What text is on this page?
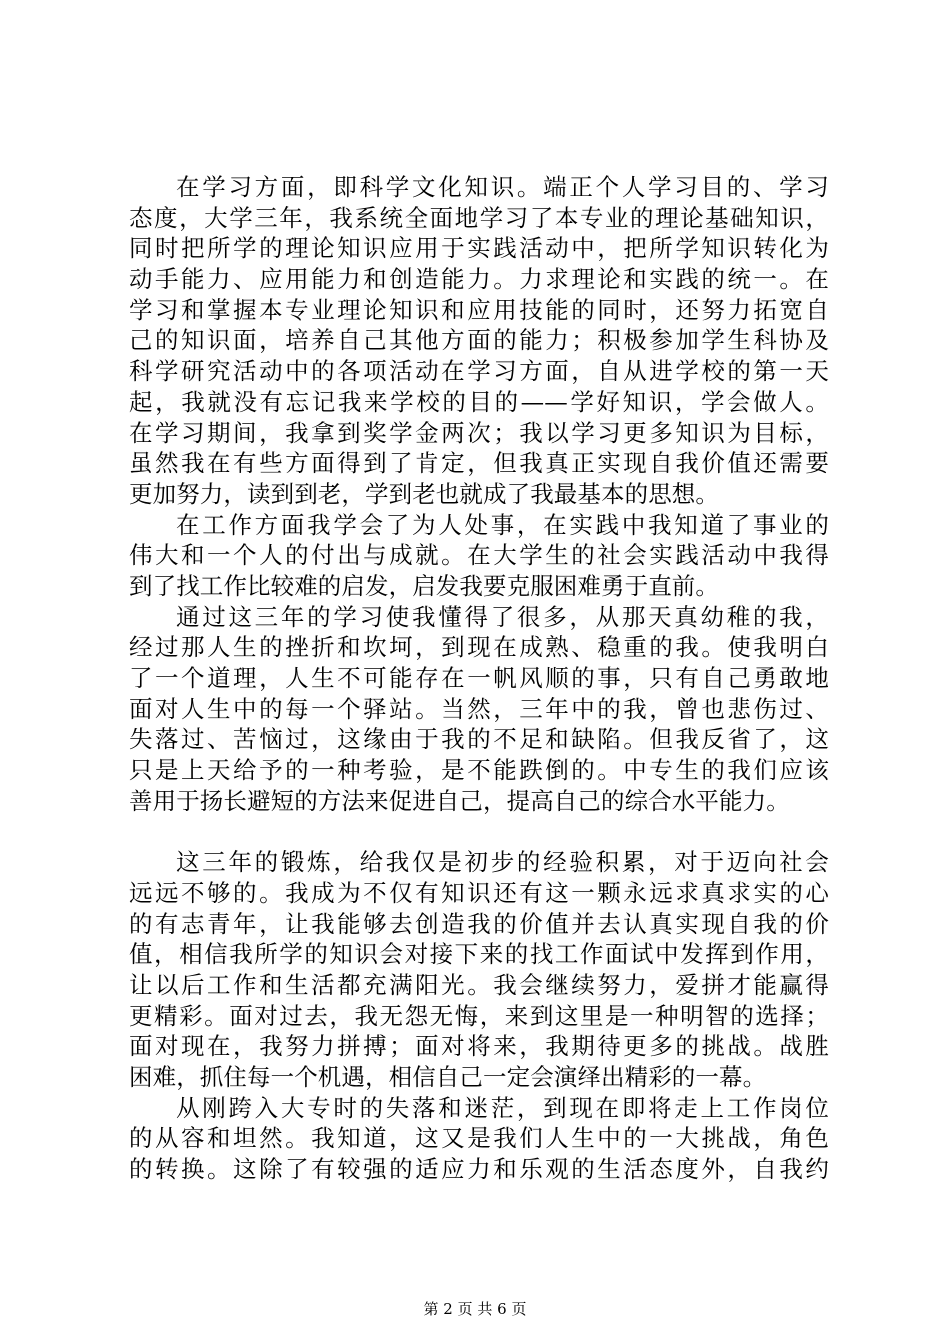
在学习方面，即科学文化知识。端正个人学习目的、学习
态度，大学三年，我系统全面地学习了本专业的理论基础知识，
同时把所学的理论知识应用于实践活动中，把所学知识转化为
动手能力、应用能力和创造能力。力求理论和实践的统一。在
学习和掌握本专业理论知识和应用技能的同时，还努力拓宽自
己的知识面，培养自己其他方面的能力；积极参加学生科协及
科学研究活动中的各项活动在学习方面，自从进学校的第一天
起，我就没有忘记我来学校的目的——学好知识，学会做人。
在学习期间，我拿到奖学金两次；我以学习更多知识为目标，
虽然我在有些方面得到了肯定，但我真正实现自我价值还需要
更加努力，读到到老，学到老也就成了我最基本的思想。
在工作方面我学会了为人处事，在实践中我知道了事业的
伟大和一个人的付出与成就。在大学生的社会实践活动中我得
到了找工作比较难的启发，启发我要克服困难勇于直前。
通过这三年的学习使我懂得了很多，从那天真幼稚的我，
经过那人生的挫折和坎坷，到现在成熟、稳重的我。使我明白
了一个道理，人生不可能存在一帆风顺的事，只有自己勇敢地
面对人生中的每一个驿站。当然，三年中的我，曾也悲伤过、
失落过、苦恼过，这缘由于我的不足和缺陷。但我反省了，这
只是上天给予的一种考验，是不能跌倒的。中专生的我们应该
善用于扬长避短的方法来促进自己，提高自己的综合水平能力。
这三年的锻炼，给我仅是初步的经验积累，对于迈向社会
远远不够的。我成为不仅有知识还有这一颗永远求真求实的心
的有志青年，让我能够去创造我的价值并去认真实现自我的价
值，相信我所学的知识会对接下来的找工作面试中发挥到作用，
让以后工作和生活都充满阳光。我会继续努力，爱拼才能赢得
更精彩。面对过去，我无怨无悔，来到这里是一种明智的选择；
面对现在，我努力拼搏；面对将来，我期待更多的挑战。战胜
困难，抓住每一个机遇，相信自己一定会演绎出精彩的一幕。
从刚跨入大专时的失落和迷茫，到现在即将走上工作岗位
的从容和坦然。我知道，这又是我们人生中的一大挑战，角色
的转换。这除了有较强的适应力和乐观的生活态度外，自我约
第 2 页 共 6 页
